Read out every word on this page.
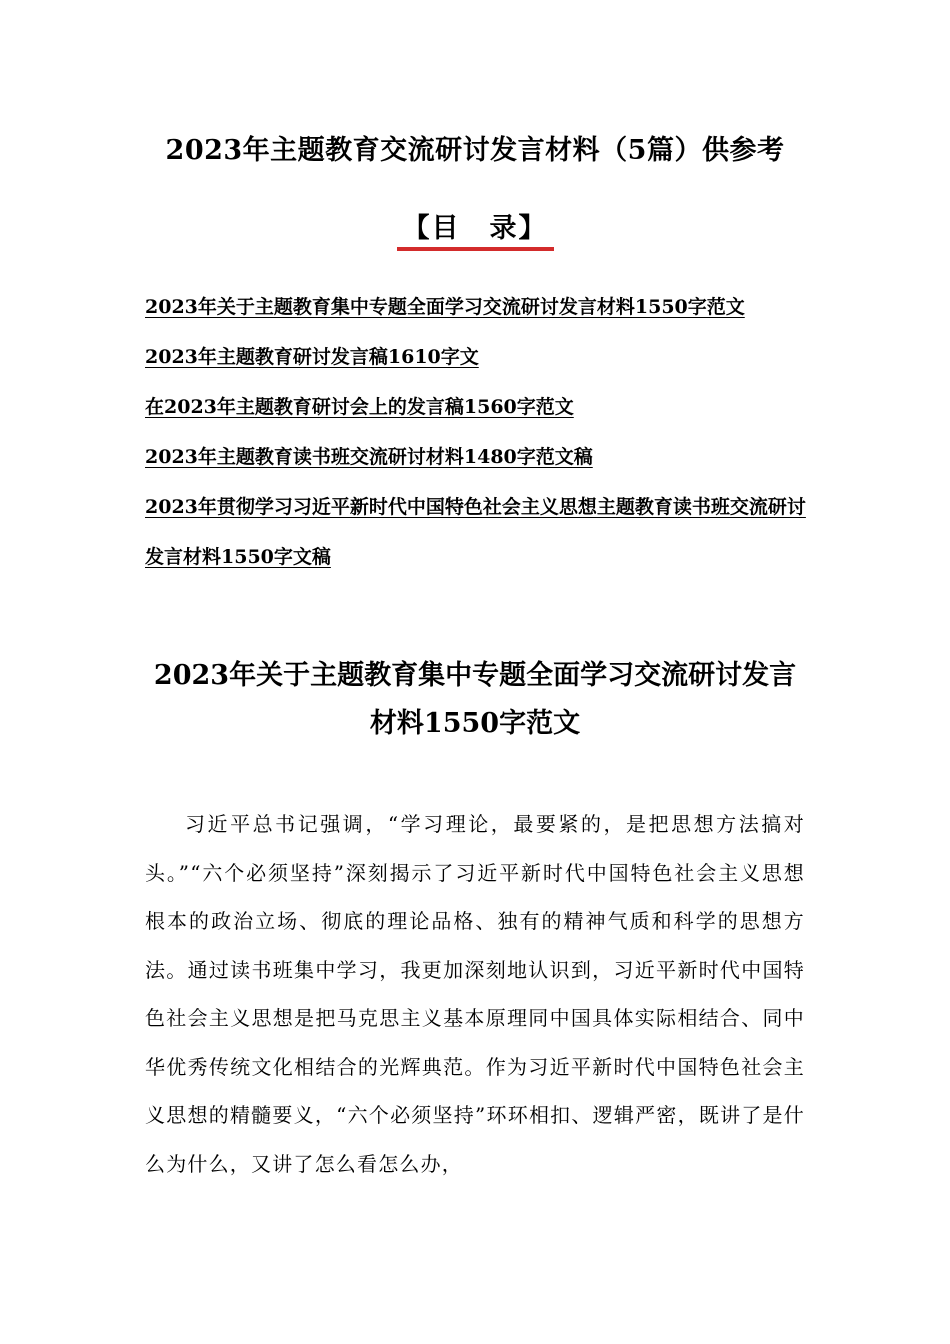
2023年主题教育交流研讨发言材料（5篇）供参考
【目　录】
2023年关于主题教育集中专题全面学习交流研讨发言材料1550字范文
2023年主题教育研讨发言稿1610字文
在2023年主题教育研讨会上的发言稿1560字范文
2023年主题教育读书班交流研讨材料1480字范文稿
2023年贯彻学习习近平新时代中国特色社会主义思想主题教育读书班交流研讨发言材料1550字文稿
2023年关于主题教育集中专题全面学习交流研讨发言材料1550字范文

习近平总书记强调，“学习理论，最要紧的，是把思想方法搞对头。”“六个必须坚持”深刻揭示了习近平新时代中国特色社会主义思想根本的政治立场、彻底的理论品格、独有的精神气质和科学的思想方法。通过读书班集中学习，我更加深刻地认识到，习近平新时代中国特色社会主义思想是把马克思主义基本原理同中国具体实际相结合、同中华优秀传统文化相结合的光辉典范。作为习近平新时代中国特色社会主义思想的精髓要义，“六个必须坚持”环环相扣、逻辑严密，既讲了是什么为什么，又讲了怎么看怎么办，
